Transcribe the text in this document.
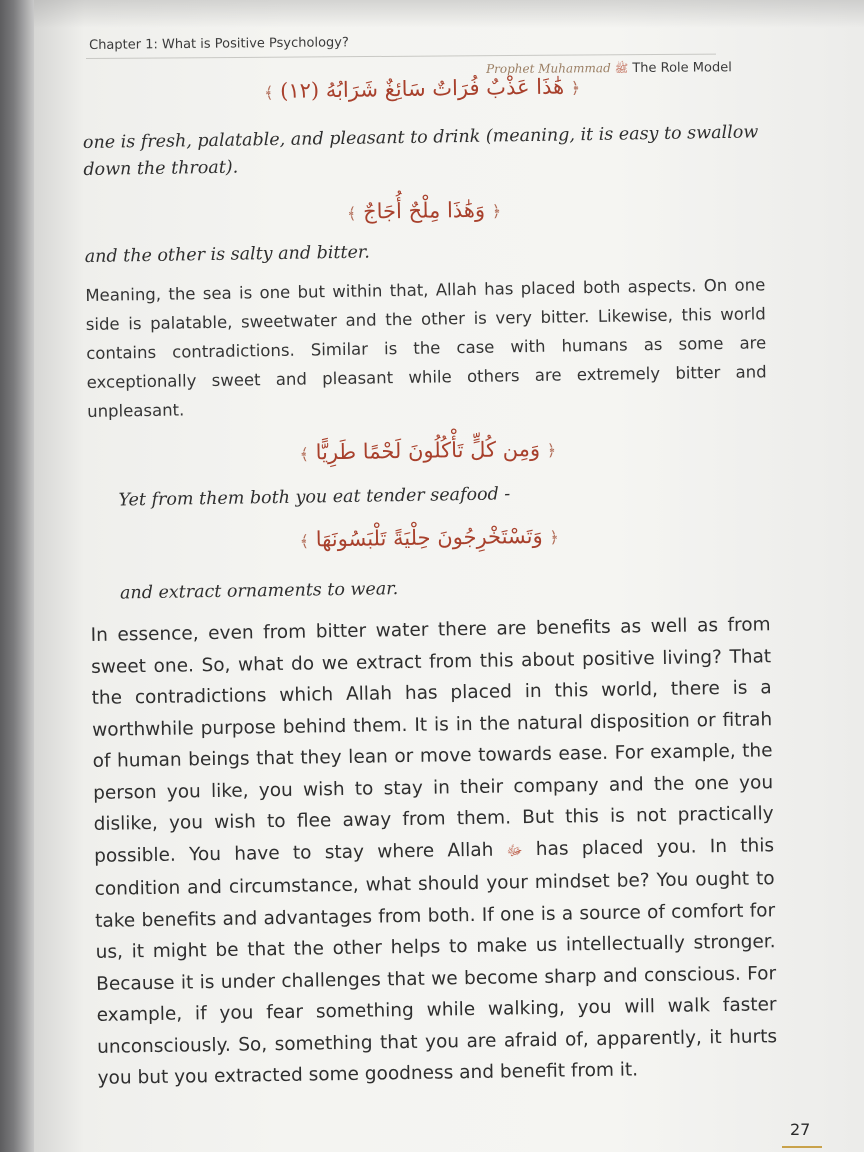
Chapter 1: What is Positive Psychology?
Prophet Muhammad ﷺ The Role Model
﴿ هَٰذَا عَذْبٌ فُرَاتٌ سَائِغٌ شَرَابُهُ (١٢) ﴾

one is fresh, palatable, and pleasant to drink (meaning, it is easy to swallow down the throat).

﴿ وَهَٰذَا مِلْحٌ أُجَاجٌ ﴾

and the other is salty and bitter.

Meaning, the sea is one but within that, Allah has placed both aspects. On one side is palatable, sweetwater and the other is very bitter. Likewise, this world contains contradictions. Similar is the case with humans as some are exceptionally sweet and pleasant while others are extremely bitter and unpleasant.

﴿ وَمِن كُلٍّ تَأْكُلُونَ لَحْمًا طَرِيًّا ﴾

Yet from them both you eat tender seafood -

﴿ وَتَسْتَخْرِجُونَ حِلْيَةً تَلْبَسُونَهَا ﴾

and extract ornaments to wear.

In essence, even from bitter water there are benefits as well as from sweet one. So, what do we extract from this about positive living? That the contradictions which Allah has placed in this world, there is a worthwhile purpose behind them. It is in the natural disposition or fitrah of human beings that they lean or move towards ease. For example, the person you like, you wish to stay in their company and the one you dislike, you wish to flee away from them. But this is not practically possible. You have to stay where Allah ﷻ has placed you. In this condition and circumstance, what should your mindset be? You ought to take benefits and advantages from both. If one is a source of comfort for us, it might be that the other helps to make us intellectually stronger. Because it is under challenges that we become sharp and conscious. For example, if you fear something while walking, you will walk faster unconsciously. So, something that you are afraid of, apparently, it hurts you but you extracted some goodness and benefit from it.

27
